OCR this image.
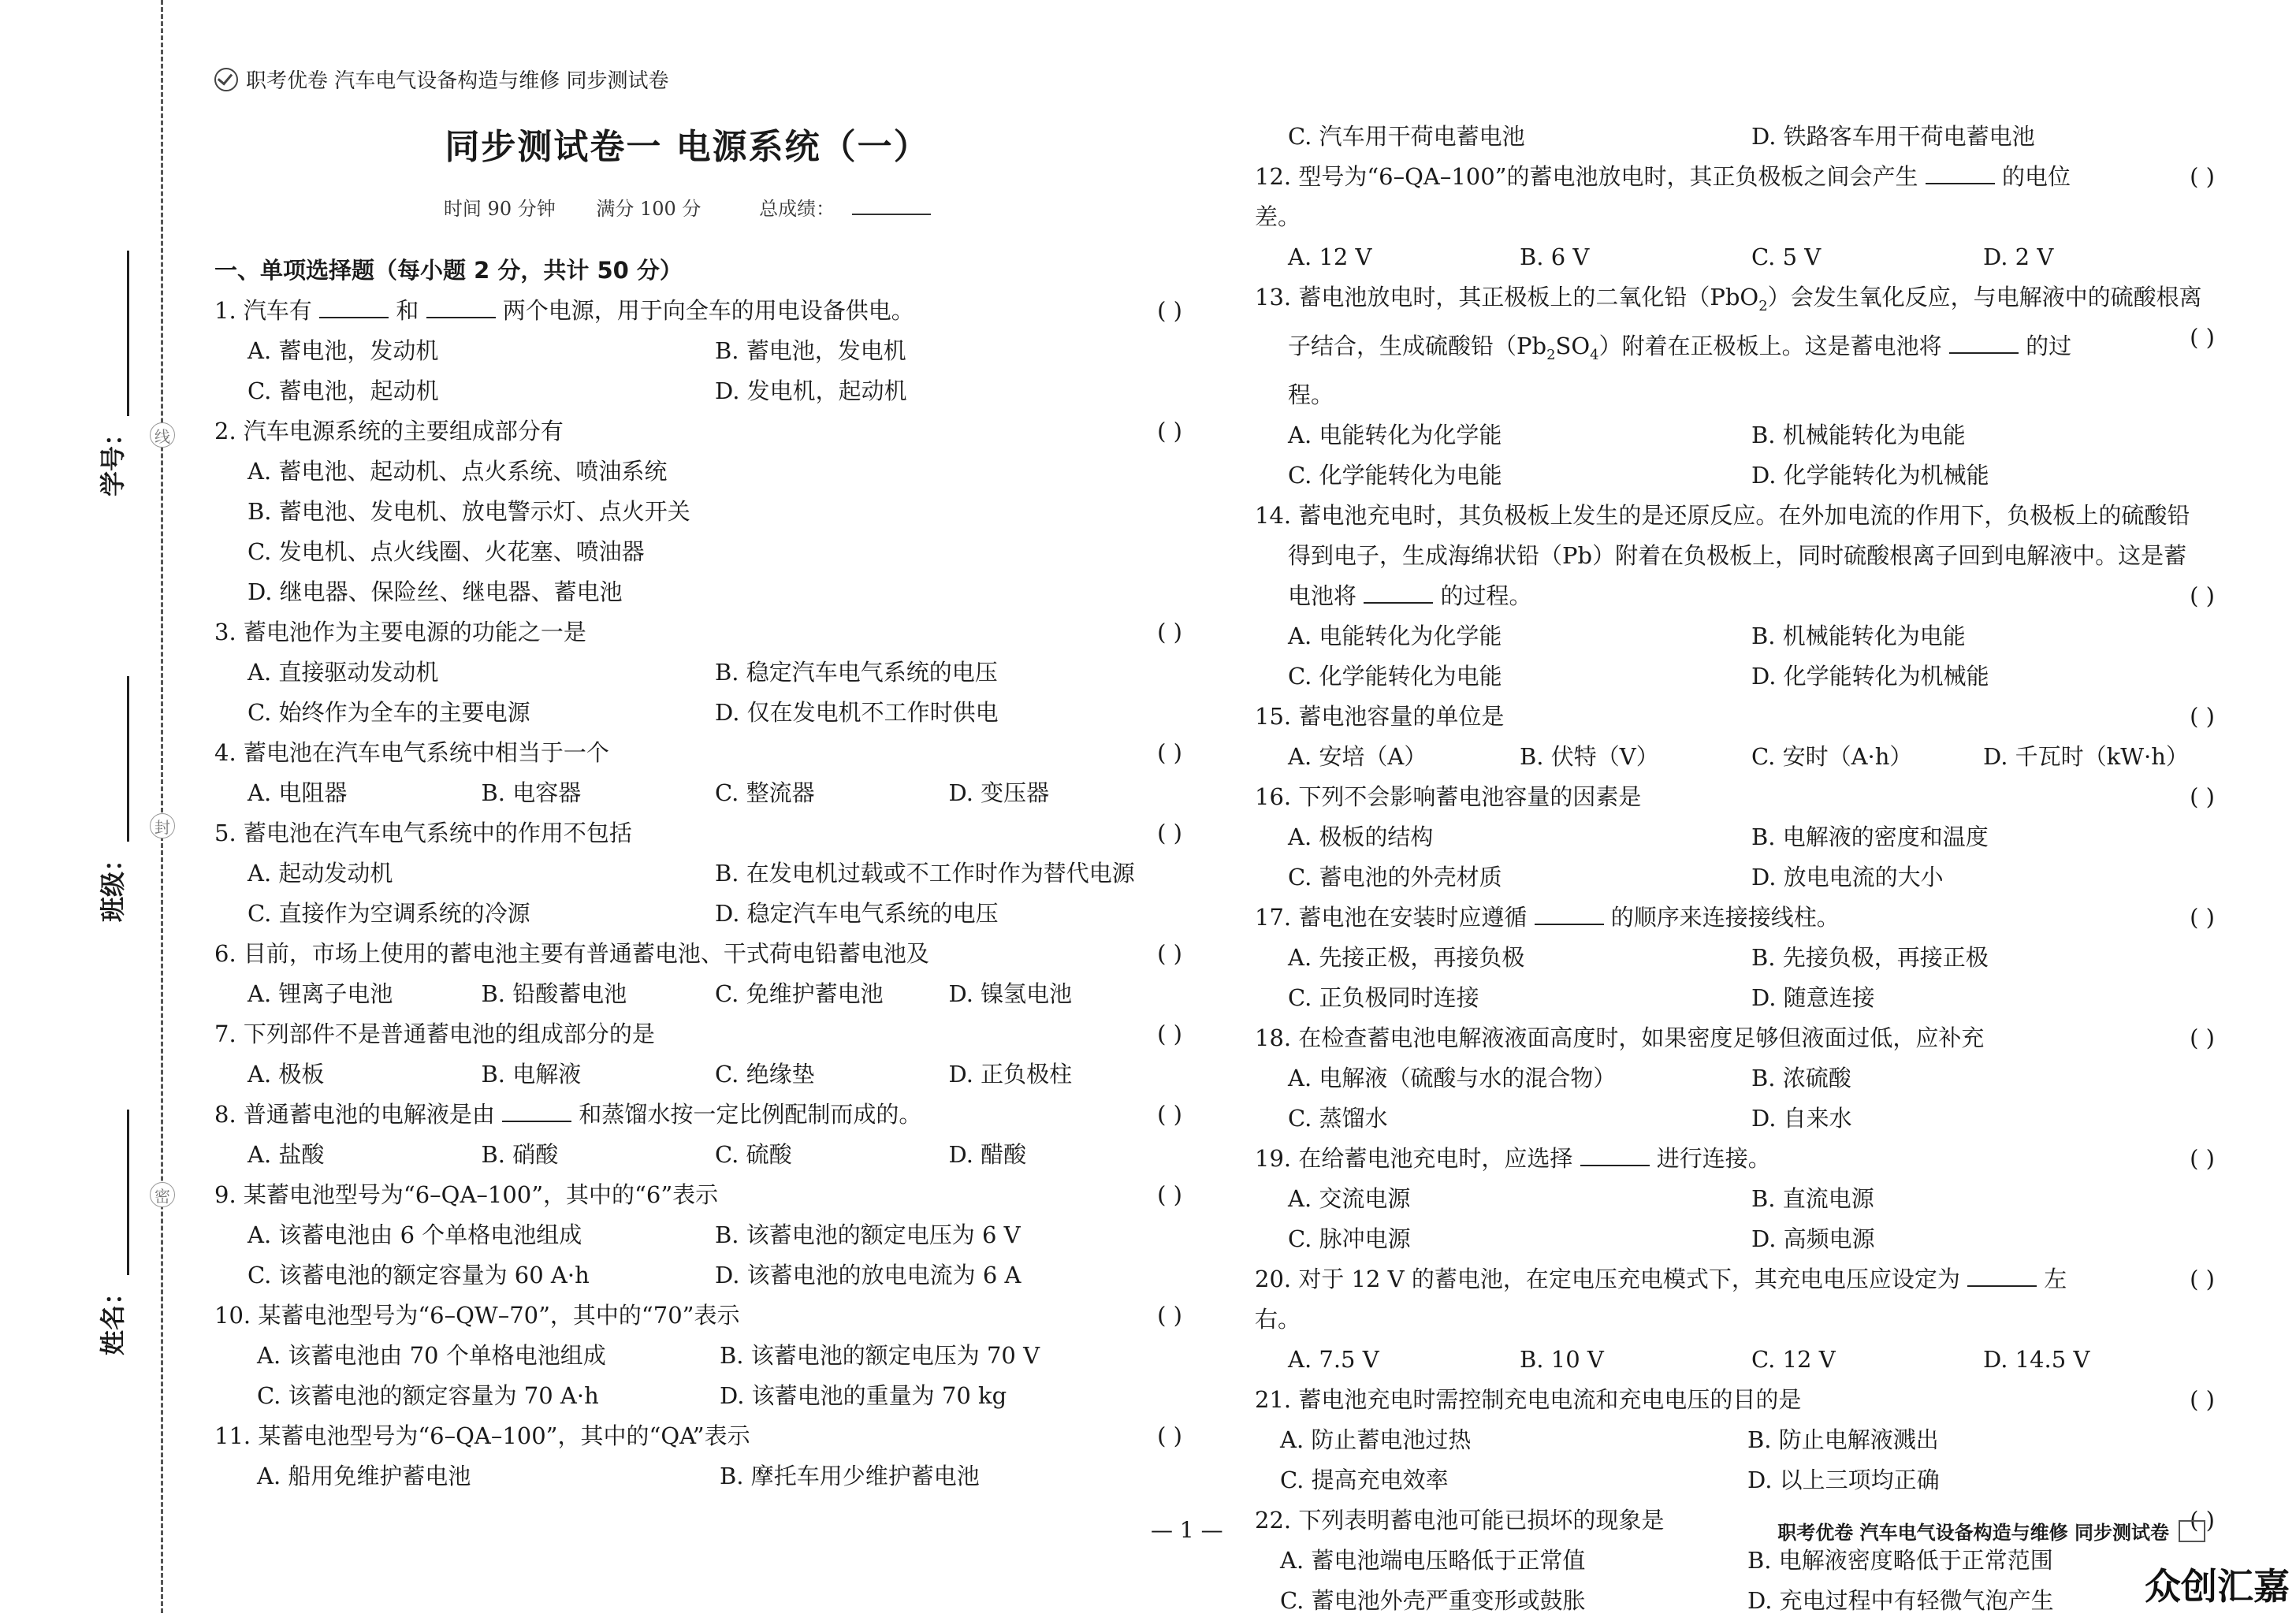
线
封
密
学号：
班级：
姓名：
职考优卷 汽车电气设备构造与维修 同步测试卷
同步测试卷一 电源系统（一）
时间 90 分钟 满分 100 分	总成绩：
一、单项选择题（每小题 2 分，共计 50 分）
1. 汽车有	和	两个电源，用于向全车的用电设备供电。	( )
A. 蓄电池，发动机	B. 蓄电池，发电机
C. 蓄电池，起动机	D. 发电机，起动机
2. 汽车电源系统的主要组成部分有	( )
A. 蓄电池、起动机、点火系统、喷油系统
B. 蓄电池、发电机、放电警示灯、点火开关
C. 发电机、点火线圈、火花塞、喷油器
D. 继电器、保险丝、继电器、蓄电池
3. 蓄电池作为主要电源的功能之一是	( )
A. 直接驱动发动机	B. 稳定汽车电气系统的电压
C. 始终作为全车的主要电源	D. 仅在发电机不工作时供电
4. 蓄电池在汽车电气系统中相当于一个	( )
A. 电阻器	B. 电容器	C. 整流器	D. 变压器
5. 蓄电池在汽车电气系统中的作用不包括	( )
A. 起动发动机	B. 在发电机过载或不工作时作为替代电源
C. 直接作为空调系统的冷源	D. 稳定汽车电气系统的电压
6. 目前，市场上使用的蓄电池主要有普通蓄电池、干式荷电铅蓄电池及	( )
A. 锂离子电池	B. 铅酸蓄电池	C. 免维护蓄电池	D. 镍氢电池
7. 下列部件不是普通蓄电池的组成部分的是	( )
A. 极板	B. 电解液	C. 绝缘垫	D. 正负极柱
8. 普通蓄电池的电解液是由	和蒸馏水按一定比例配制而成的。	( )
A. 盐酸	B. 硝酸	C. 硫酸	D. 醋酸
9. 某蓄电池型号为“6–QA–100”，其中的“6”表示	( )
A. 该蓄电池由 6 个单格电池组成	B. 该蓄电池的额定电压为 6 V
C. 该蓄电池的额定容量为 60 A·h	D. 该蓄电池的放电电流为 6 A
10. 某蓄电池型号为“6–QW–70”，其中的“70”表示	( )
A. 该蓄电池由 70 个单格电池组成	B. 该蓄电池的额定电压为 70 V
C. 该蓄电池的额定容量为 70 A·h	D. 该蓄电池的重量为 70 kg
11. 某蓄电池型号为“6–QA–100”，其中的“QA”表示	( )
A. 船用免维护蓄电池	B. 摩托车用少维护蓄电池
C. 汽车用干荷电蓄电池	D. 铁路客车用干荷电蓄电池
12. 型号为“6–QA–100”的蓄电池放电时，其正负极板之间会产生	的电位差。
( )
A. 12 V	B. 6 V	C. 5 V	D. 2 V
13. 蓄电池放电时，其正极板上的二氧化铅（PbO$_2$）会发生氧化反应，与电解液中的硫酸根离
子结合，生成硫酸铅$(Pb_2SO_4)$附着在正极板上。这是蓄电池将	的过程。
( )
A. 电能转化为化学能	B. 机械能转化为电能
C. 化学能转化为电能	D. 化学能转化为机械能
14. 蓄电池充电时，其负极板上发生的是还原反应。在外加电流的作用下，负极板上的硫酸铅
得到电子，生成海绵状铅（Pb）附着在负极板上，同时硫酸根离子回到电解液中。这是蓄
电池将	的过程。	( )
A. 电能转化为化学能	B. 机械能转化为电能
C. 化学能转化为电能	D. 化学能转化为机械能
15. 蓄电池容量的单位是	( )
A. 安培（A）	B. 伏特（V）	C. 安时（A·h）	D. 千瓦时（kW·h）
16. 下列不会影响蓄电池容量的因素是	( )
A. 极板的结构	B. 电解液的密度和温度
C. 蓄电池的外壳材质	D. 放电电流的大小
17. 蓄电池在安装时应遵循	的顺序来连接接线柱。	( )
A. 先接正极，再接负极	B. 先接负极，再接正极
C. 正负极同时连接	D. 随意连接
18. 在检查蓄电池电解液液面高度时，如果密度足够但液面过低，应补充	( )
A. 电解液（硫酸与水的混合物）	B. 浓硫酸
C. 蒸馏水	D. 自来水
19. 在给蓄电池充电时，应选择	进行连接。	( )
A. 交流电源	B. 直流电源
C. 脉冲电源	D. 高频电源
20. 对于 12 V 的蓄电池，在定电压充电模式下，其充电电压应设定为	左右。
( )
A. 7.5 V	B. 10 V	C. 12 V	D. 14.5 V
21. 蓄电池充电时需控制充电电流和充电电压的目的是	( )
A. 防止蓄电池过热	B. 防止电解液溅出
C. 提高充电效率	D. 以上三项均正确
22. 下列表明蓄电池可能已损坏的现象是	( )
A. 蓄电池端电压略低于正常值	B. 电解液密度略低于正常范围
C. 蓄电池外壳严重变形或鼓胀	D. 充电过程中有轻微气泡产生
— 1 —	职考优卷 汽车电气设备构造与维修 同步测试卷
众创汇嘉
